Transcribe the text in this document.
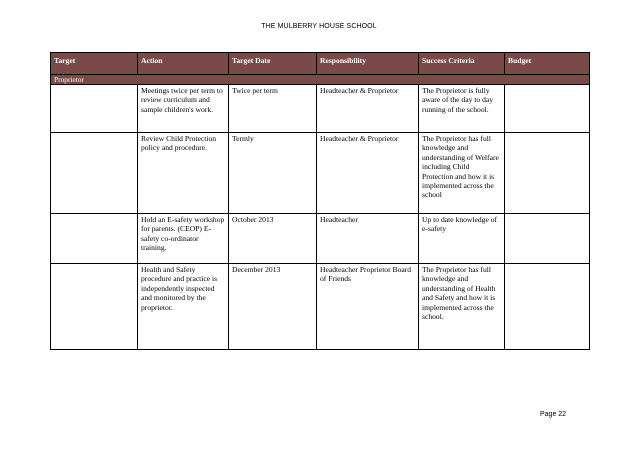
THE MULBERRY HOUSE SCHOOL
Target	Action	Target Date	Responsibility	Success Criteria	Budget
Proprietor					
	Meetings twice per term to review curriculum and sample children's work.	Twice per term	Headteacher & Proprietor	The Proprietor is fully aware of the day to day running of the school.	
	Review Child Protection policy and procedure.	Termly	Headteacher & Proprietor	The Proprietor has full knowledge and understanding of Welfare including Child Protection and how it is implemented across the school	
	Hold an E-safety workshop for parents. (CEOP) E-safety co-ordinator training.	October 2013	Headteacher	Up to date knowledge of e-safety	
	Health and Safety procedure and practice is independently inspected and monitored by the proprietor.	December 2013	Headteacher Proprietor Board of Friends	The Proprietor has full knowledge and understanding of Health and Safety and how it is implemented across the school.	
Page 22
